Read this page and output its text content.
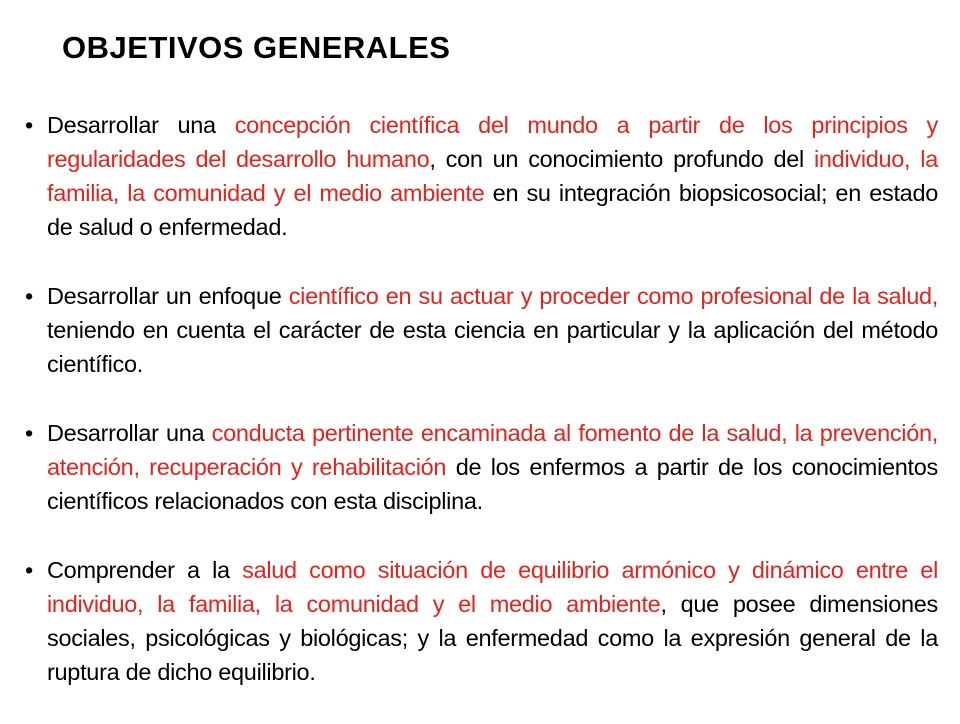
OBJETIVOS GENERALES
• Desarrollar una concepción científica del mundo a partir de los principios y regularidades del desarrollo humano, con un conocimiento profundo del individuo, la familia, la comunidad y el medio ambiente en su integración biopsicosocial; en estado de salud o enfermedad.
• Desarrollar un enfoque científico en su actuar y proceder como profesional de la salud, teniendo en cuenta el carácter de esta ciencia en particular y la aplicación del método científico.
• Desarrollar una conducta pertinente encaminada al fomento de la salud, la prevención, atención, recuperación y rehabilitación de los enfermos a partir de los conocimientos científicos relacionados con esta disciplina.
• Comprender a la salud como situación de equilibrio armónico y dinámico entre el individuo, la familia, la comunidad y el medio ambiente, que posee dimensiones sociales, psicológicas y biológicas; y la enfermedad como la expresión general de la ruptura de dicho equilibrio.
